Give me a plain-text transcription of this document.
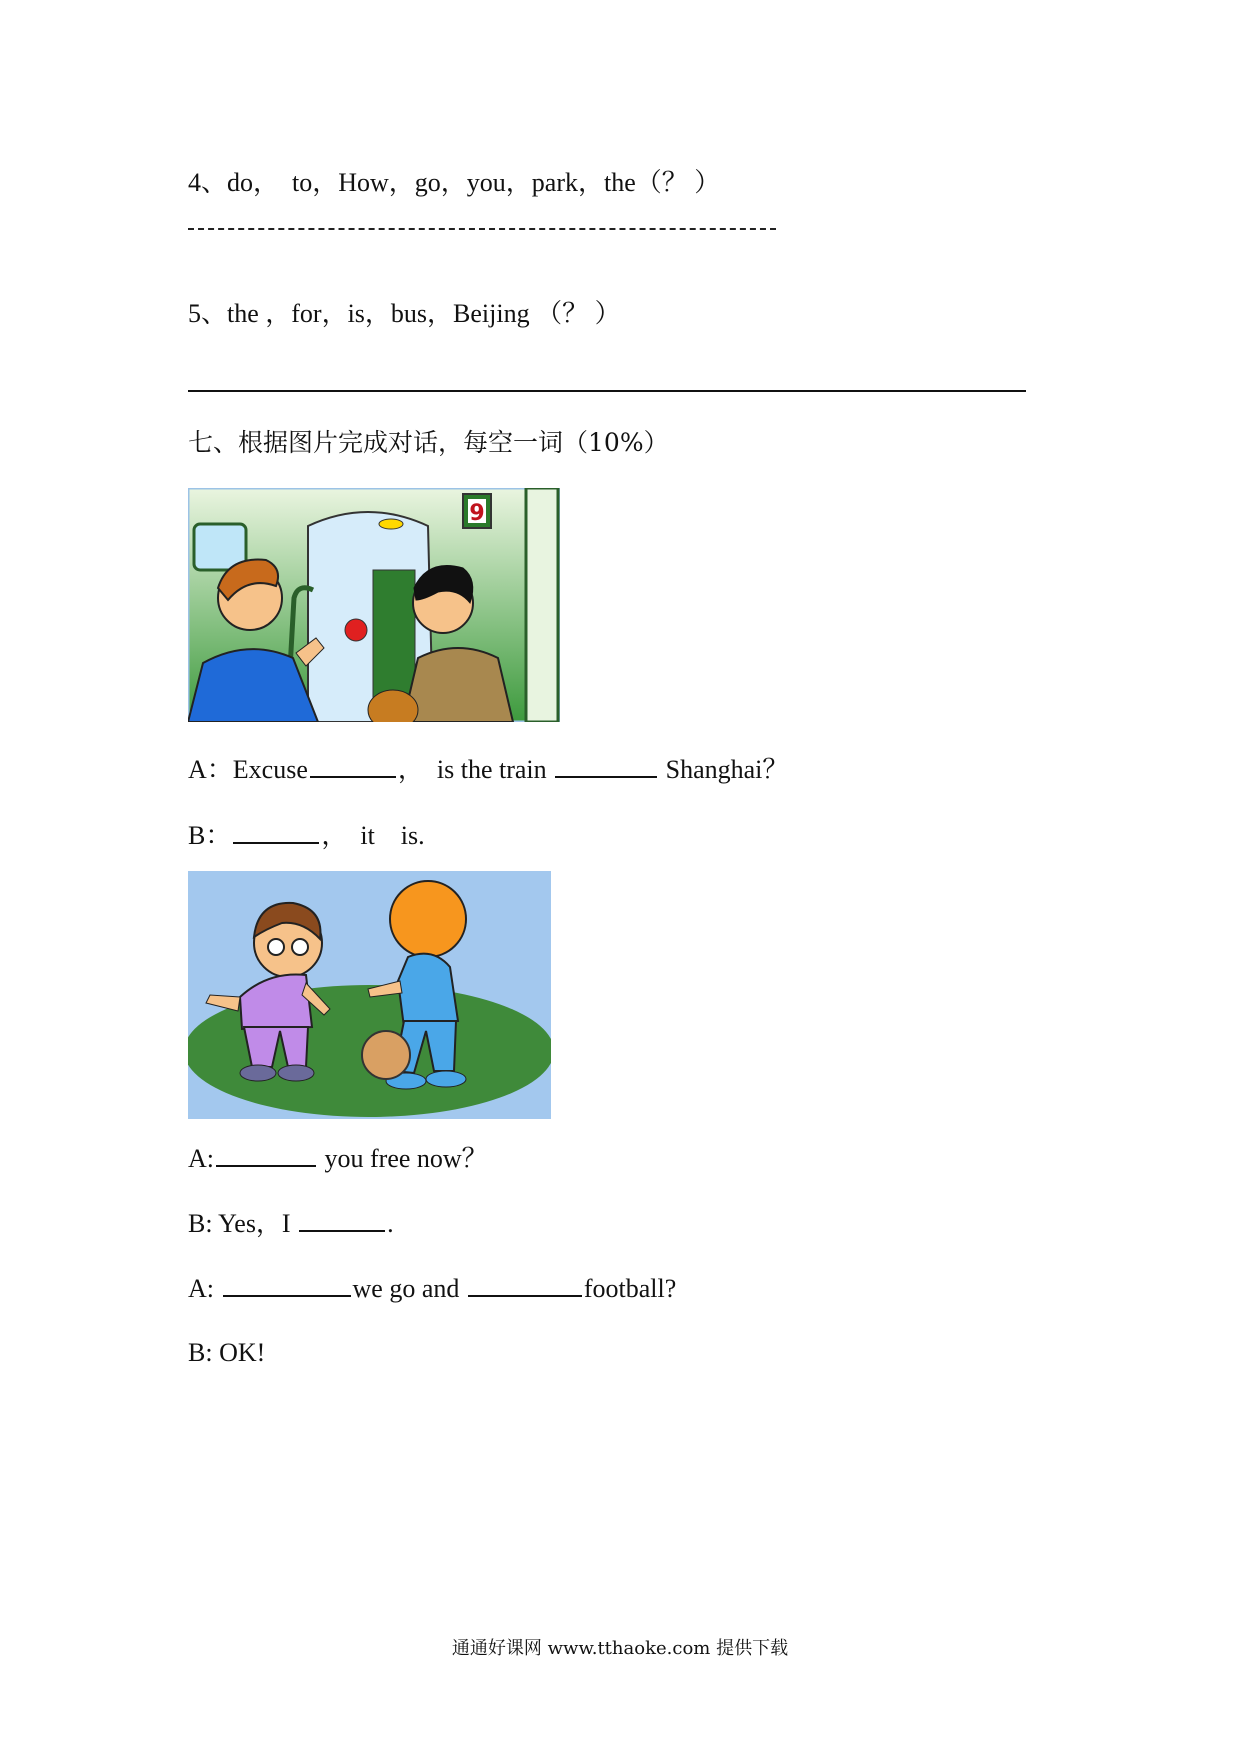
4、do，  to，How，go，you，park，the（？ ）
5、the ，for，is，bus，Beijing （？ ）
七、根据图片完成对话，每空一词（10%）
9
A：Excuse	，  is the train	Shanghai？
B：	，  it    is.
A:	you free now？
B: Yes，I	.
A:	we go and	football?
B: OK!
通通好课网 www.tthaoke.com 提供下载
